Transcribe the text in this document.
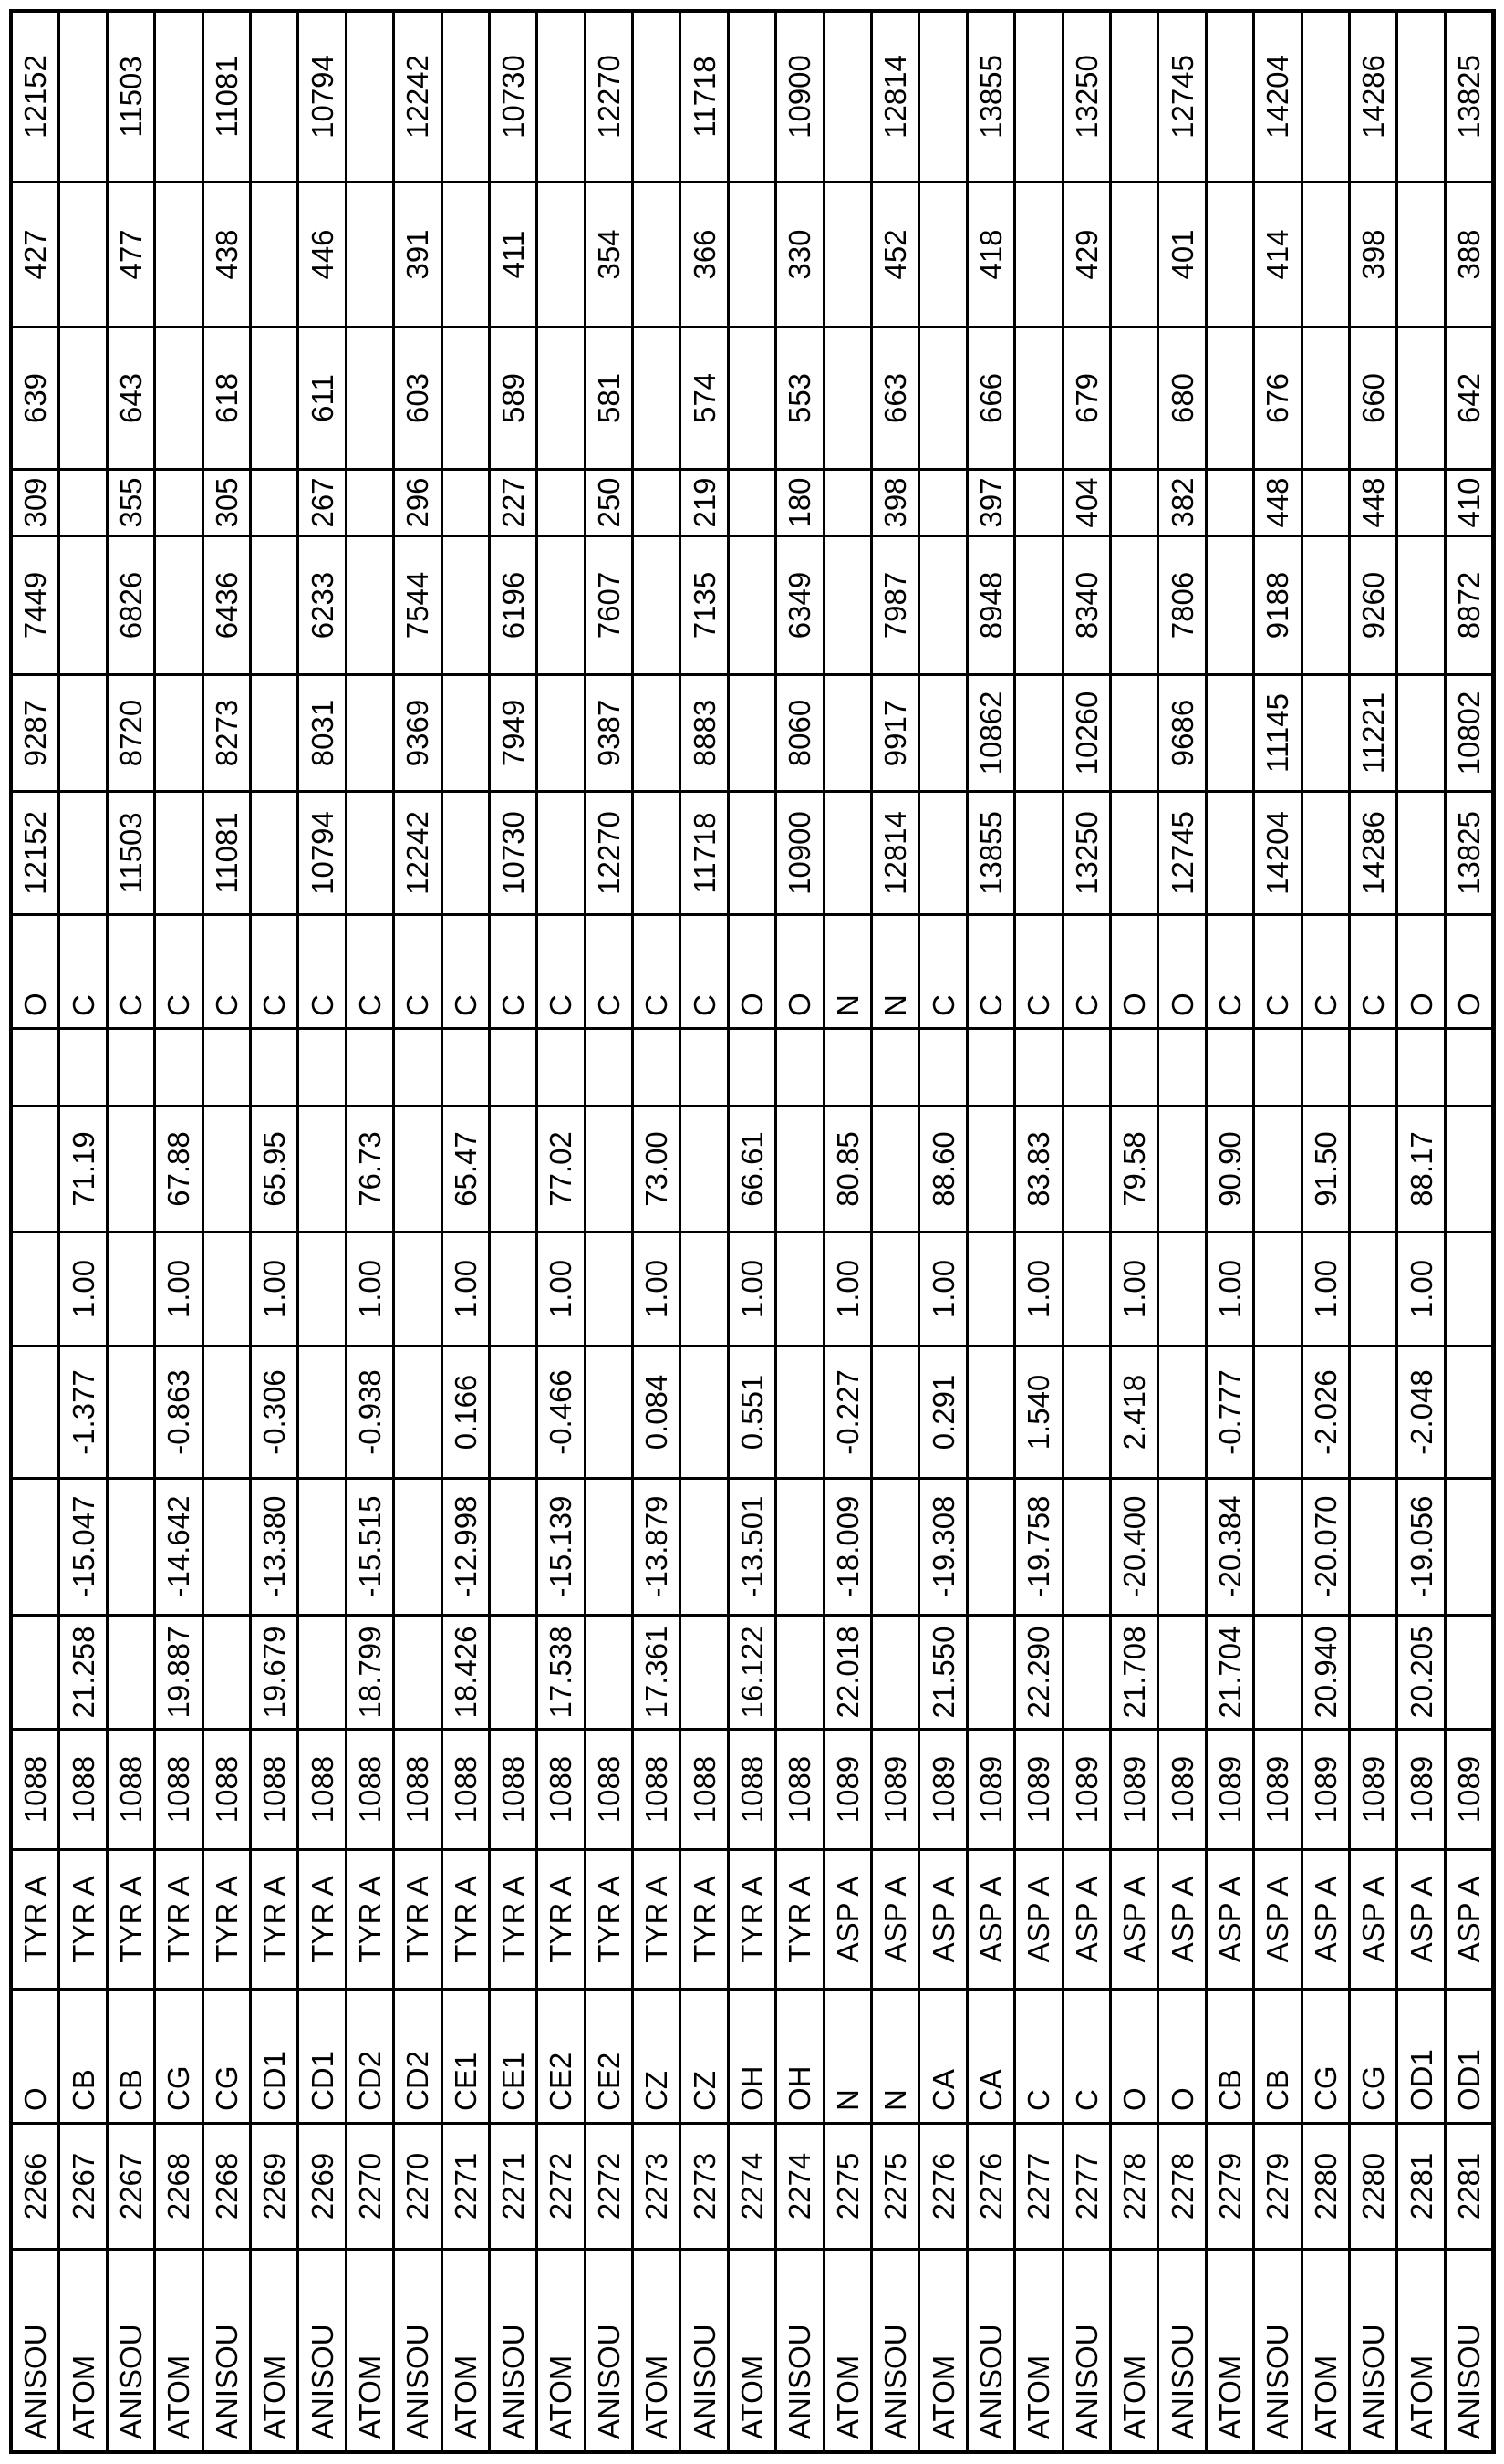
ANISOU
2266
O
TYR A
1088
O
12152
9287
7449
309
639
427
12152
ATOM
2267
CB
TYR A
1088
21.258
-15.047
-1.377
1.00
71.19
C
ANISOU
2267
CB
TYR A
1088
C
11503
8720
6826
355
643
477
11503
ATOM
2268
CG
TYR A
1088
19.887
-14.642
-0.863
1.00
67.88
C
ANISOU
2268
CG
TYR A
1088
C
11081
8273
6436
305
618
438
11081
ATOM
2269
CD1
TYR A
1088
19.679
-13.380
-0.306
1.00
65.95
C
ANISOU
2269
CD1
TYR A
1088
C
10794
8031
6233
267
611
446
10794
ATOM
2270
CD2
TYR A
1088
18.799
-15.515
-0.938
1.00
76.73
C
ANISOU
2270
CD2
TYR A
1088
C
12242
9369
7544
296
603
391
12242
ATOM
2271
CE1
TYR A
1088
18.426
-12.998
0.166
1.00
65.47
C
ANISOU
2271
CE1
TYR A
1088
C
10730
7949
6196
227
589
411
10730
ATOM
2272
CE2
TYR A
1088
17.538
-15.139
-0.466
1.00
77.02
C
ANISOU
2272
CE2
TYR A
1088
C
12270
9387
7607
250
581
354
12270
ATOM
2273
CZ
TYR A
1088
17.361
-13.879
0.084
1.00
73.00
C
ANISOU
2273
CZ
TYR A
1088
C
11718
8883
7135
219
574
366
11718
ATOM
2274
OH
TYR A
1088
16.122
-13.501
0.551
1.00
66.61
O
ANISOU
2274
OH
TYR A
1088
O
10900
8060
6349
180
553
330
10900
ATOM
2275
N
ASP A
1089
22.018
-18.009
-0.227
1.00
80.85
N
ANISOU
2275
N
ASP A
1089
N
12814
9917
7987
398
663
452
12814
ATOM
2276
CA
ASP A
1089
21.550
-19.308
0.291
1.00
88.60
C
ANISOU
2276
CA
ASP A
1089
C
13855
10862
8948
397
666
418
13855
ATOM
2277
C
ASP A
1089
22.290
-19.758
1.540
1.00
83.83
C
ANISOU
2277
C
ASP A
1089
C
13250
10260
8340
404
679
429
13250
ATOM
2278
O
ASP A
1089
21.708
-20.400
2.418
1.00
79.58
O
ANISOU
2278
O
ASP A
1089
O
12745
9686
7806
382
680
401
12745
ATOM
2279
CB
ASP A
1089
21.704
-20.384
-0.777
1.00
90.90
C
ANISOU
2279
CB
ASP A
1089
C
14204
11145
9188
448
676
414
14204
ATOM
2280
CG
ASP A
1089
20.940
-20.070
-2.026
1.00
91.50
C
ANISOU
2280
CG
ASP A
1089
C
14286
11221
9260
448
660
398
14286
ATOM
2281
OD1
ASP A
1089
20.205
-19.056
-2.048
1.00
88.17
O
ANISOU
2281
OD1
ASP A
1089
O
13825
10802
8872
410
642
388
13825
